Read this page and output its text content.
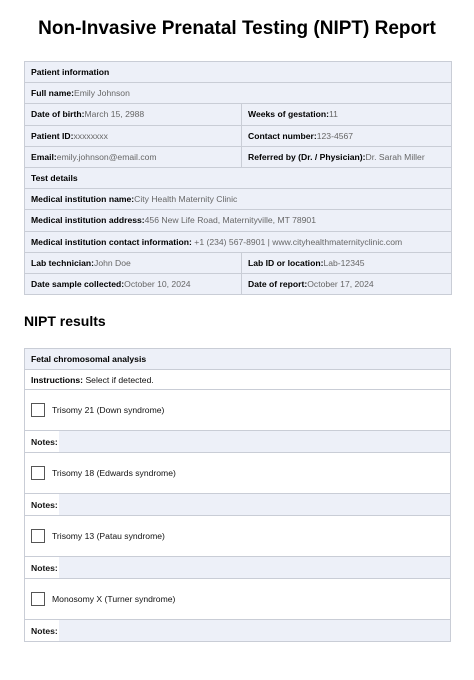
Non-Invasive Prenatal Testing (NIPT) Report
Patient information	
Full name:Emily Johnson	
Date of birth:March 15, 2988	Weeks of gestation:11
Patient ID:xxxxxxxx	Contact number:123-4567
Email:emily.johnson@email.com	Referred by (Dr. / Physician):Dr. Sarah Miller
Test details	
Medical institution name:City Health Maternity Clinic	
Medical institution address:456 New Life Road, Maternityville, MT 78901	
Medical institution contact information: +1 (234) 567-8901 | www.cityhealthmaternityclinic.com	
Lab technician:John Doe	Lab ID or location:Lab-12345
Date sample collected:October 10, 2024	Date of report:October 17, 2024
NIPT results
Fetal chromosomal analysis
Instructions: Select if detected.

Trisomy 21 (Down syndrome)

Notes:

Trisomy 18 (Edwards syndrome)

Notes:

Trisomy 13 (Patau syndrome)

Notes:

Monosomy X (Turner syndrome)

Notes:
